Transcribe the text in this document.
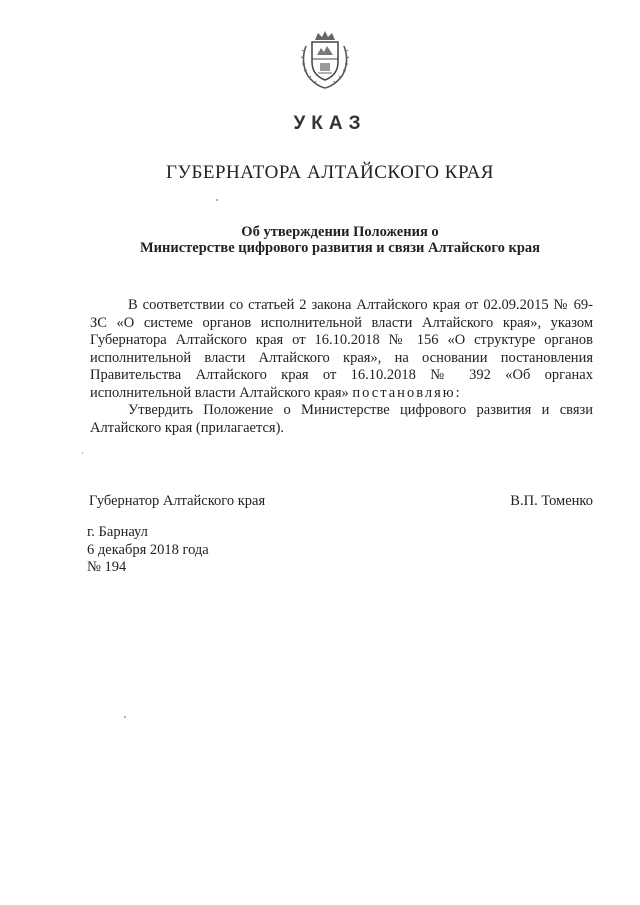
УКАЗ
ГУБЕРНАТОРА АЛТАЙСКОГО КРАЯ
Об утверждении Положения о
Министерстве цифрового развития и связи Алтайского края

В соответствии со статьей 2 закона Алтайского края от 02.09.2015 № 69-ЗС «О системе органов исполнительной власти Алтайского края», указом Губернатора Алтайского края от 16.10.2018 № 156 «О структуре органов исполнительной власти Алтайского края», на основании постановления Правительства Алтайского края от 16.10.2018 № 392 «Об органах исполнительной власти Алтайского края» постановляю:

Утвердить Положение о Министерстве цифрового развития и связи Алтайского края (прилагается).

Губернатор Алтайского края	В.П. Томенко
г. Барнаул
6 декабря 2018 года
№ 194
